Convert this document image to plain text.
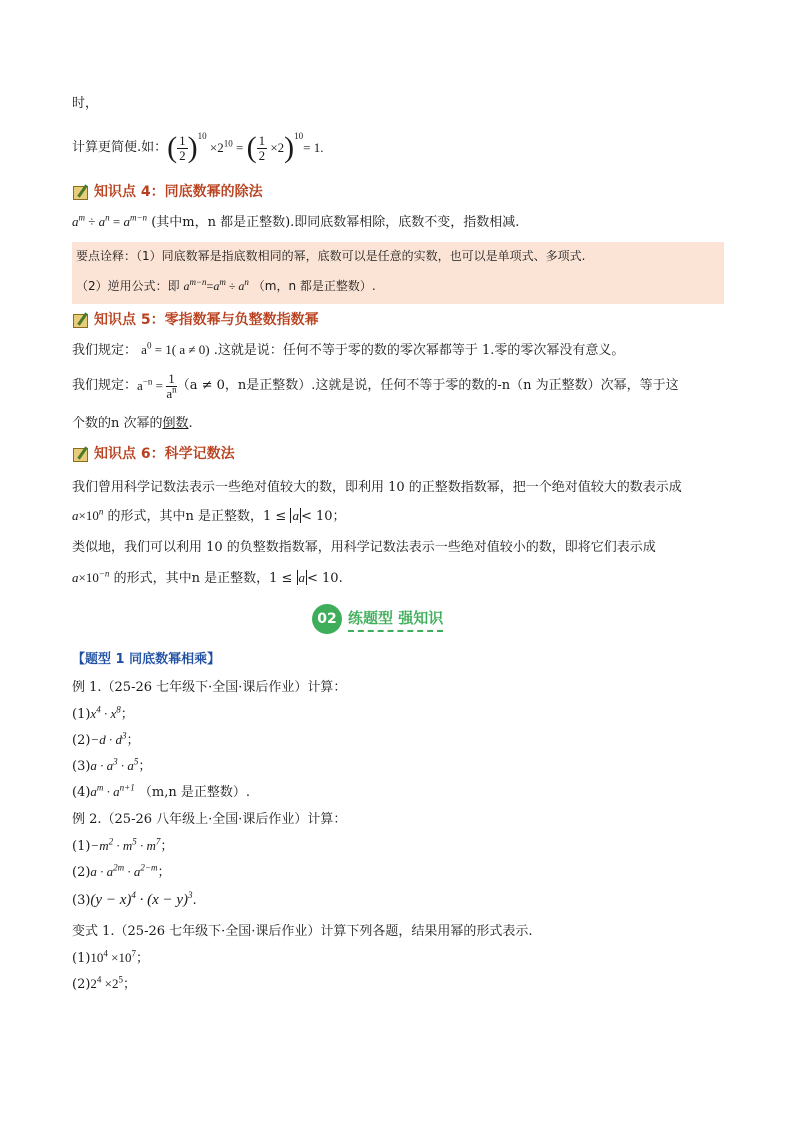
时，
计算更简便.如： ( $\frac{1}{2} )^{10}$
$\times 2^{10}$ = ( $\frac{1}{2} \times 2$ )$^{10}$
= 1.
知识点 4：同底数幂的除法
$a^m \div a^n = a^{m-n}$ (其中m，n 都是正整数).即同底数幂相除，底数不变，指数相减.
要点诠释：（1）同底数幂是指底数相同的幂，底数可以是任意的实数，也可以是单项式、多项式.
（2）逆用公式：即 $a^{m-n}=a^m \div a^n$ （m，n 都是正整数）.
知识点 5：零指数幂与负整数指数幂
我们规定： $a^0 = 1$( a ≠ 0) .这就是说：任何不等于零的数的零次幂都等于 1.零的零次幂没有意义。
我们规定： $a^{-n} = \frac{1}{a^n} (a \ne 0$，n是正整数） .这就是说，任何不等于零的数的-n（n 为正整数）次幂，等于这
个数的n 次幂的倒数.
知识点 6：科学记数法
我们曾用科学记数法表示一些绝对值较大的数，即利用 10 的正整数指数幂，把一个绝对值较大的数表示成
$a\times 10^n$ 的形式，其中n 是正整数，1 ≤ a < 10；
类似地，我们可以利用 10 的负整数指数幂，用科学记数法表示一些绝对值较小的数，即将它们表示成
$a\times 10^{-n}$ 的形式，其中n 是正整数，1 ≤ a < 10.
02 练题型 强知识
【题型 1 同底数幂相乘】
例 1.（25-26 七年级下·全国·课后作业）计算：
$(1)x^4 \cdot x^8$；
$(2)-d \cdot d^3$；
$(3)a \cdot a^3 \cdot a^5$；
$(4)a^m \cdot a^{n+1}$ （m,n 是正整数）.
例 2.（25-26 八年级上·全国·课后作业）计算：
$(1)-m^2 \cdot m^5 \cdot m^7$；
$(2)a \cdot a^{2m} \cdot a^{2-m}$；
$(3)(y - x)^4 \cdot (x - y)^3$.
变式 1.（25-26 七年级下·全国·课后作业）计算下列各题，结果用幂的形式表示.
$(1)10^4 \times 10^7$；
$(2)2^4 \times 2^5$；
